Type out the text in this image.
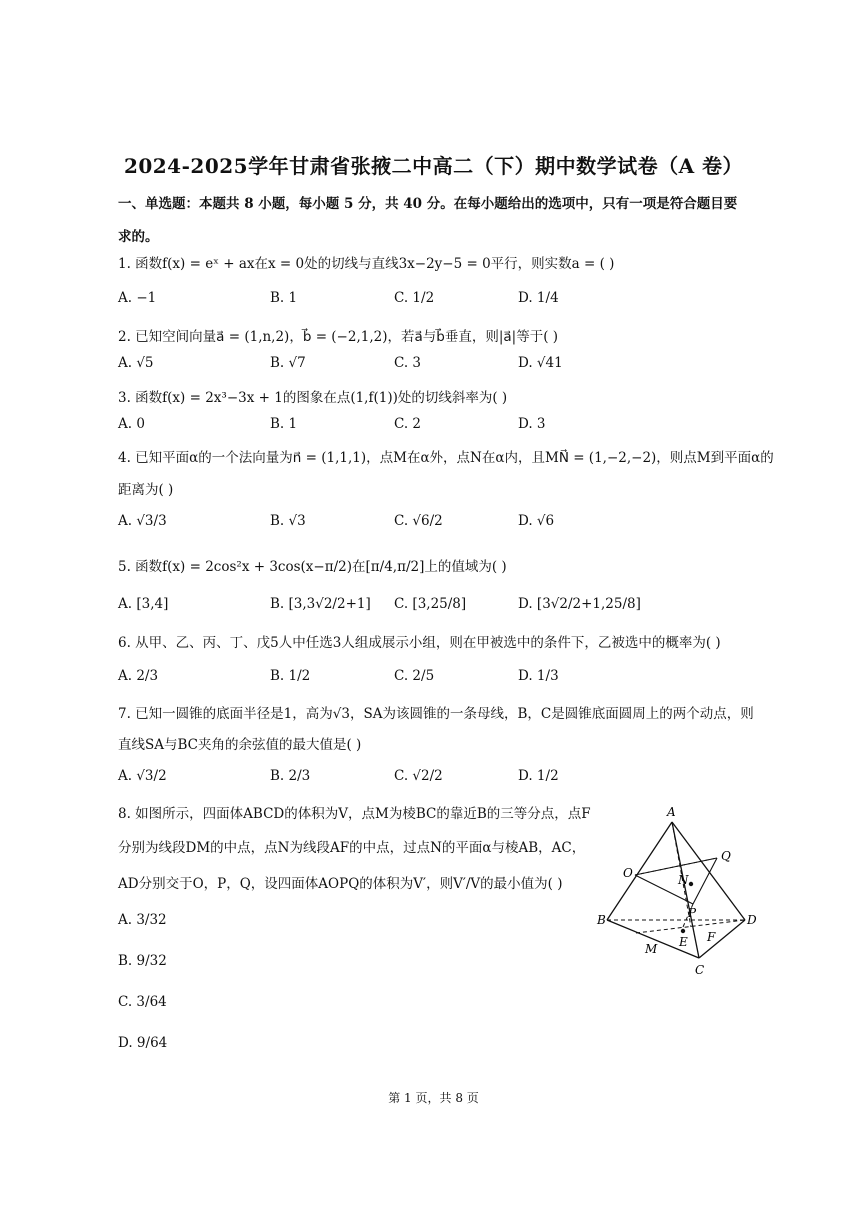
2024-2025学年甘肃省张掖二中高二（下）期中数学试卷（A 卷）
一、单选题：本题共 8 小题，每小题 5 分，共 40 分。在每小题给出的选项中，只有一项是符合题目要求的。
1. 函数f(x) = eˣ + ax在x = 0处的切线与直线3x−2y−5 = 0平行，则实数a = ( )
A. −1	B. 1	C. 1/2	D. 1/4
2. 已知空间向量a⃗ = (1,n,2)，b⃗ = (−2,1,2)，若a⃗与b⃗垂直，则|a⃗|等于( )
A. √5	B. √7	C. 3	D. √41
3. 函数f(x) = 2x³−3x + 1的图象在点(1,f(1))处的切线斜率为( )
A. 0	B. 1	C. 2	D. 3
4. 已知平面α的一个法向量为n⃗ = (1,1,1)，点M在α外，点N在α内，且MN⃗ = (1,−2,−2)，则点M到平面α的
距离为( )
A. √3/3	B. √3	C. √6/2	D. √6
5. 函数f(x) = 2cos²x + 3cos(x−π/2)在[π/4,π/2]上的值域为( )
A. [3,4]	B. [3,3√2/2+1] C. [3,25/8]	D. [3√2/2+1,25/8]
6. 从甲、乙、丙、丁、戊5人中任选3人组成展示小组，则在甲被选中的条件下，乙被选中的概率为( )
A. 2/3	B. 1/2	C. 2/5	D. 1/3
7. 已知一圆锥的底面半径是1，高为√3，SA为该圆锥的一条母线，B，C是圆锥底面圆周上的两个动点，则
直线SA与BC夹角的余弦值的最大值是( )
A. √3/2	B. 2/3	C. √2/2	D. 1/2
8. 如图所示，四面体ABCD的体积为V，点M为棱BC的靠近B的三等分点，点F
分别为线段DM的中点，点N为线段AF的中点，过点N的平面α与棱AB，AC，
AD分别交于O，P，Q，设四面体AOPQ的体积为V′，则V′/V的最小值为( )
A. 3/32
B. 9/32
C. 3/64
D. 9/64
A
Q
O	N
P
B	D
E F
M
C
第 1 页，共 8 页
